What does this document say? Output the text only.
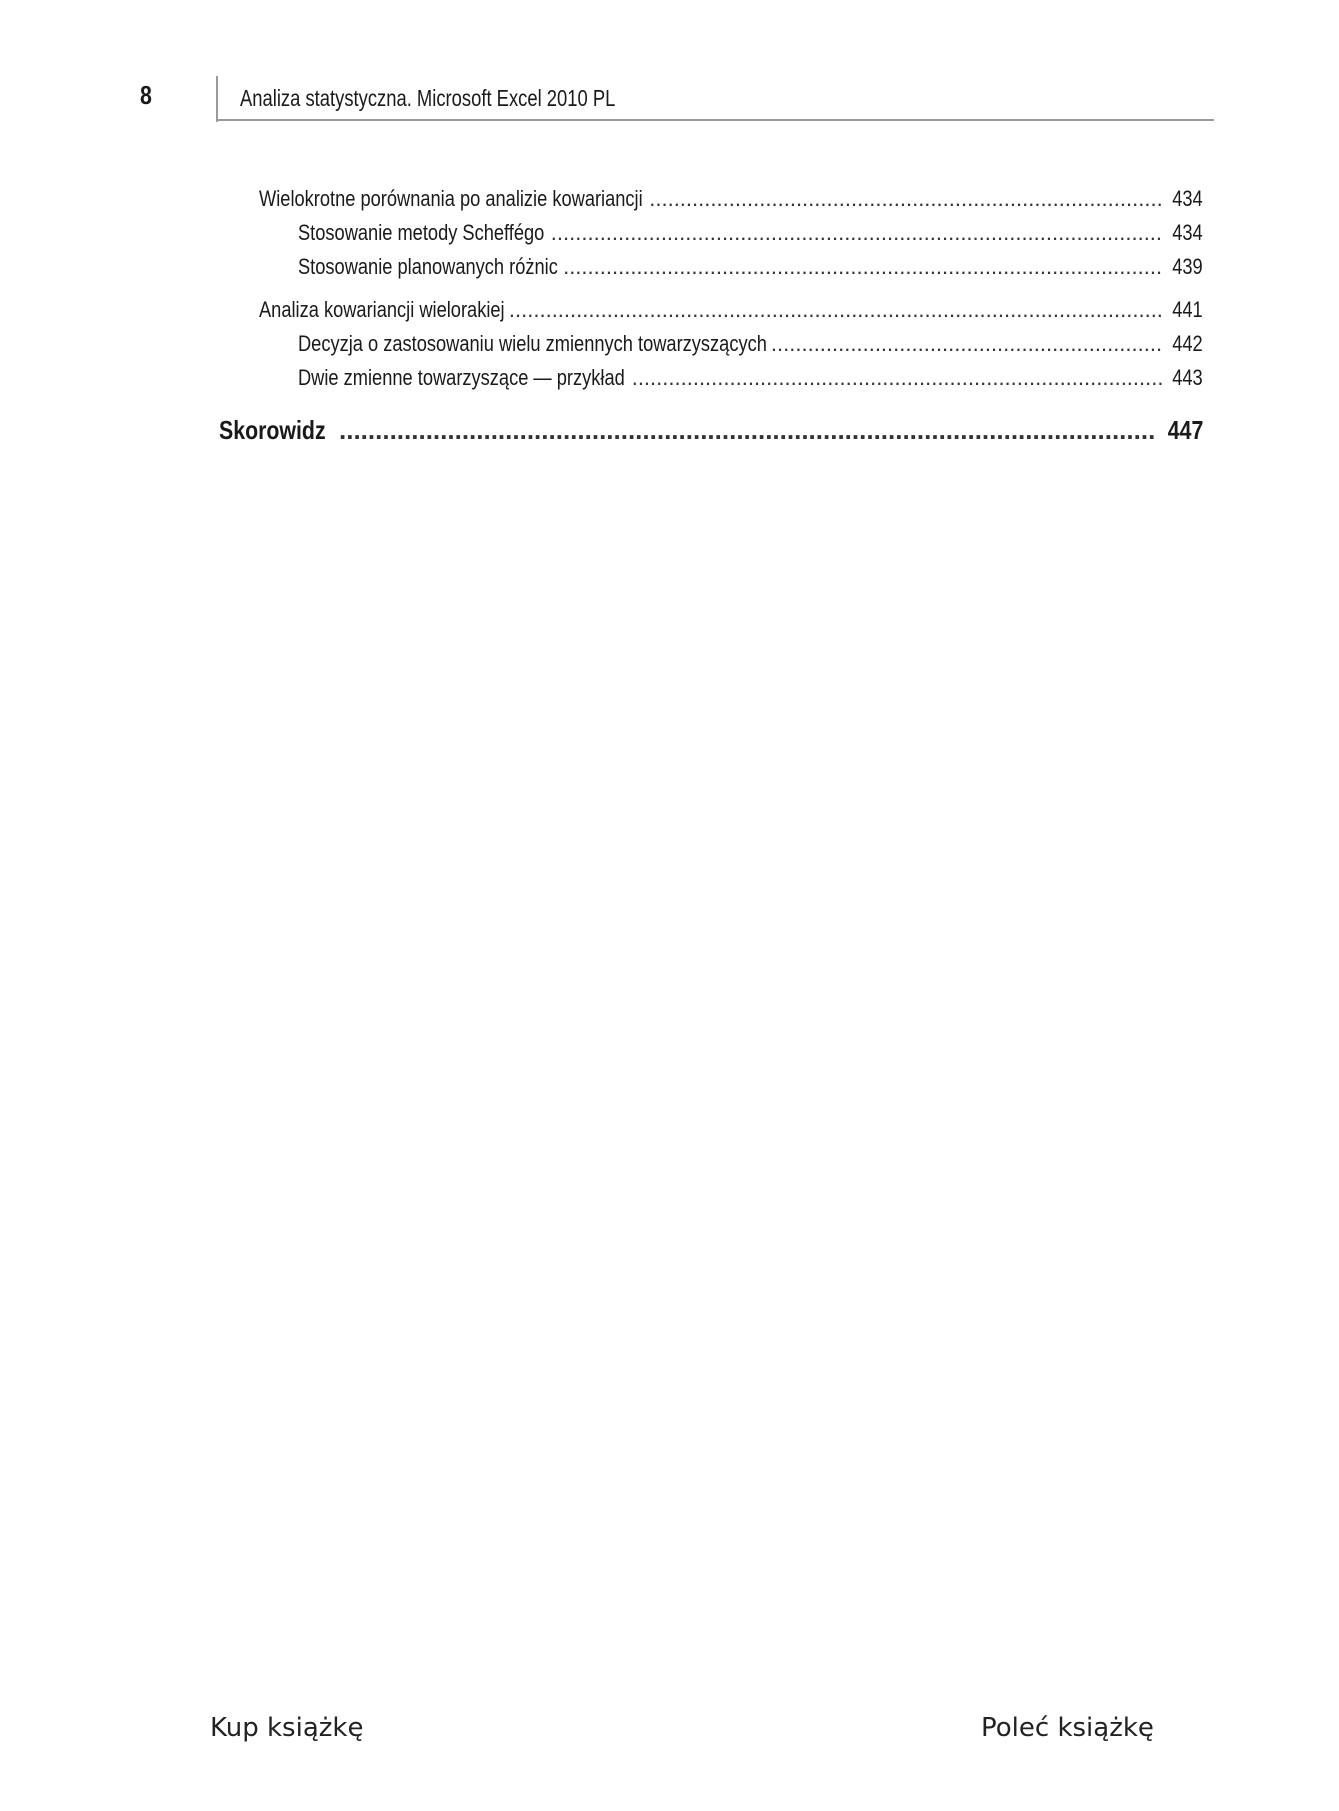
8	Analiza statystyczna. Microsoft Excel 2010 PL
Wielokrotne porównania po analizie kowariancji .....	434
Stosowanie metody Scheffégo .....	434
Stosowanie planowanych różnic .....	439
Analiza kowariancji wielorakiej .....	441
Decyzja o zastosowaniu wielu zmiennych towarzyszących .....	442
Dwie zmienne towarzyszące — przykład .....	443
Skorowidz .....	447
Kup książkę	Poleć książkę
